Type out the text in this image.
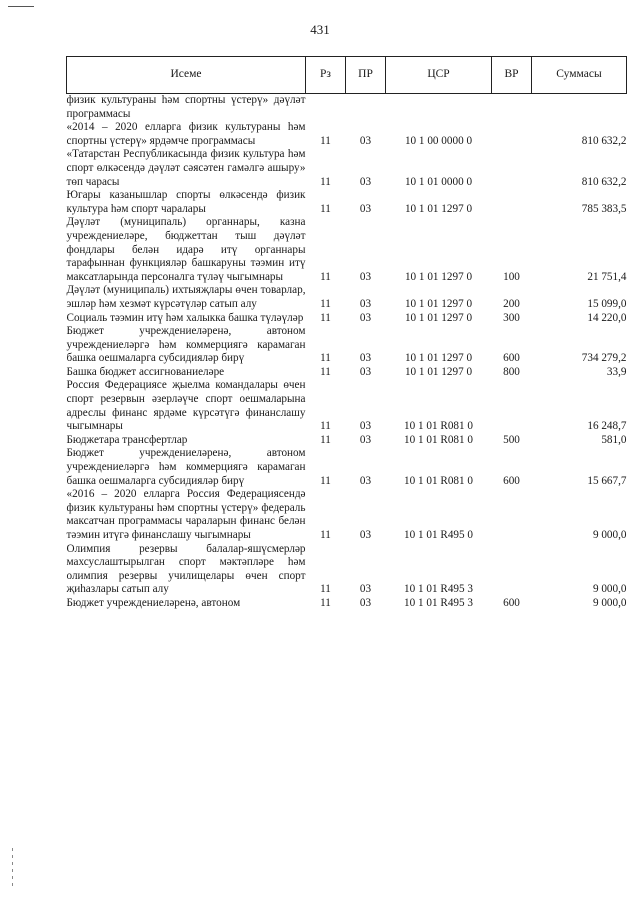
431
Исеме	Рз	ПР	ЦСР	ВР	Суммасы
физик культураны һәм спортны үстерү» дәүләт программасы					
«2014 – 2020 елларга физик культураны һәм спортны үстерү» ярдәмче программасы	11	03	10 1 00 0000 0		810 632,2
«Татарстан Республикасында физик культура һәм спорт өлкәсендә дәүләт сәясәтен гамәлгә ашыру» төп чарасы	11	03	10 1 01 0000 0		810 632,2
Югары казанышлар спорты өлкәсендә физик культура һәм спорт чаралары	11	03	10 1 01 1297 0		785 383,5
Дәүләт (муниципаль) органнары, казна учреждениеләре, бюджеттан тыш дәүләт фондлары белән идарә итү органнары тарафыннан функцияләр башкаруны тәэмин итү максатларында персоналга түләү чыгымнары	11	03	10 1 01 1297 0	100	21 751,4
Дәүләт (муниципаль) ихтыяҗлары өчен товарлар, эшләр һәм хезмәт күрсәтүләр сатып алу	11	03	10 1 01 1297 0	200	15 099,0
Социаль тәэмин итү һәм халыкка башка түләүләр	11	03	10 1 01 1297 0	300	14 220,0
Бюджет учреждениеләренә, автоном учреждениеләргә һәм коммерциягә карамаган башка оешмаларга субсидияләр бирү	11	03	10 1 01 1297 0	600	734 279,2
Башка бюджет ассигнованиеләре	11	03	10 1 01 1297 0	800	33,9
Россия Федерациясе җыелма командалары өчен спорт резервын әзерләүче спорт оешмаларына адреслы финанс ярдәме күрсәтүгә финанслашу чыгымнары	11	03	10 1 01 R081 0		16 248,7
Бюджетара трансфертлар	11	03	10 1 01 R081 0	500	581,0
Бюджет учреждениеләренә, автоном учреждениеләргә һәм коммерциягә карамаган башка оешмаларга субсидияләр бирү	11	03	10 1 01 R081 0	600	15 667,7
«2016 – 2020 елларга Россия Федерациясендә физик культураны һәм спортны үстерү» федераль максатчан программасы чараларын финанс белән тәэмин итүгә финанслашу чыгымнары	11	03	10 1 01 R495 0		9 000,0
Олимпия резервы балалар-яшүсмерләр махсуслаштырылган спорт мәктәпләре һәм олимпия резервы училищелары өчен спорт җиһазлары сатып алу	11	03	10 1 01 R495 3		9 000,0
Бюджет учреждениеләренә, автоном	11	03	10 1 01 R495 3	600	9 000,0
